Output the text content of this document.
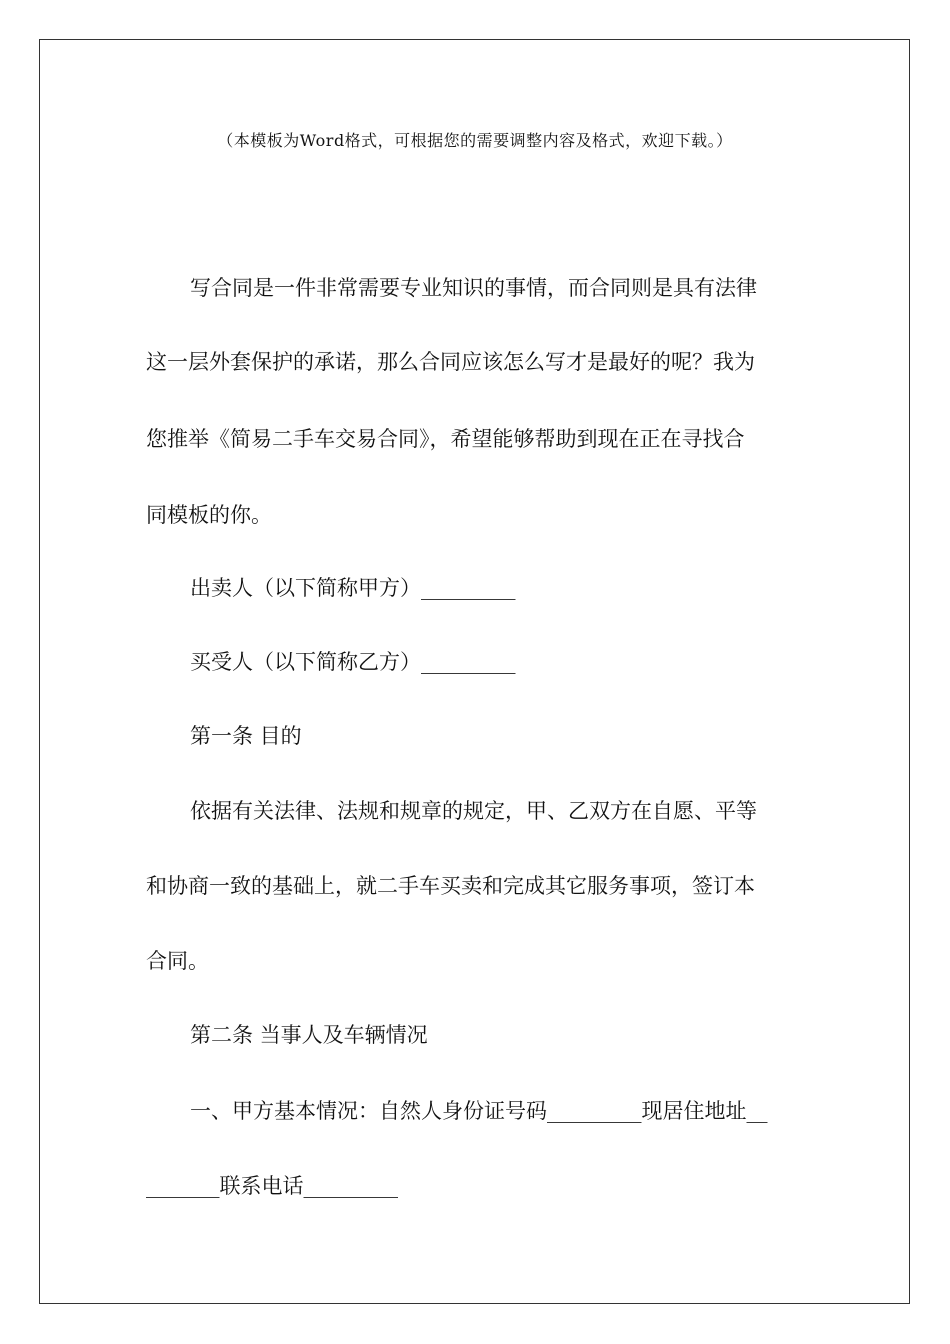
（本模板为Word格式，可根据您的需要调整内容及格式，欢迎下载。）
写合同是一件非常需要专业知识的事情，而合同则是具有法律
这一层外套保护的承诺，那么合同应该怎么写才是最好的呢？我为
您推举《简易二手车交易合同》，希望能够帮助到现在正在寻找合
同模板的你。
出卖人（以下简称甲方）_________
买受人（以下简称乙方）_________
第一条 目的
依据有关法律、法规和规章的规定，甲、乙双方在自愿、平等
和协商一致的基础上，就二手车买卖和完成其它服务事项，签订本
合同。
第二条 当事人及车辆情况
一、甲方基本情况：自然人身份证号码_________现居住地址__
_______联系电话_________
